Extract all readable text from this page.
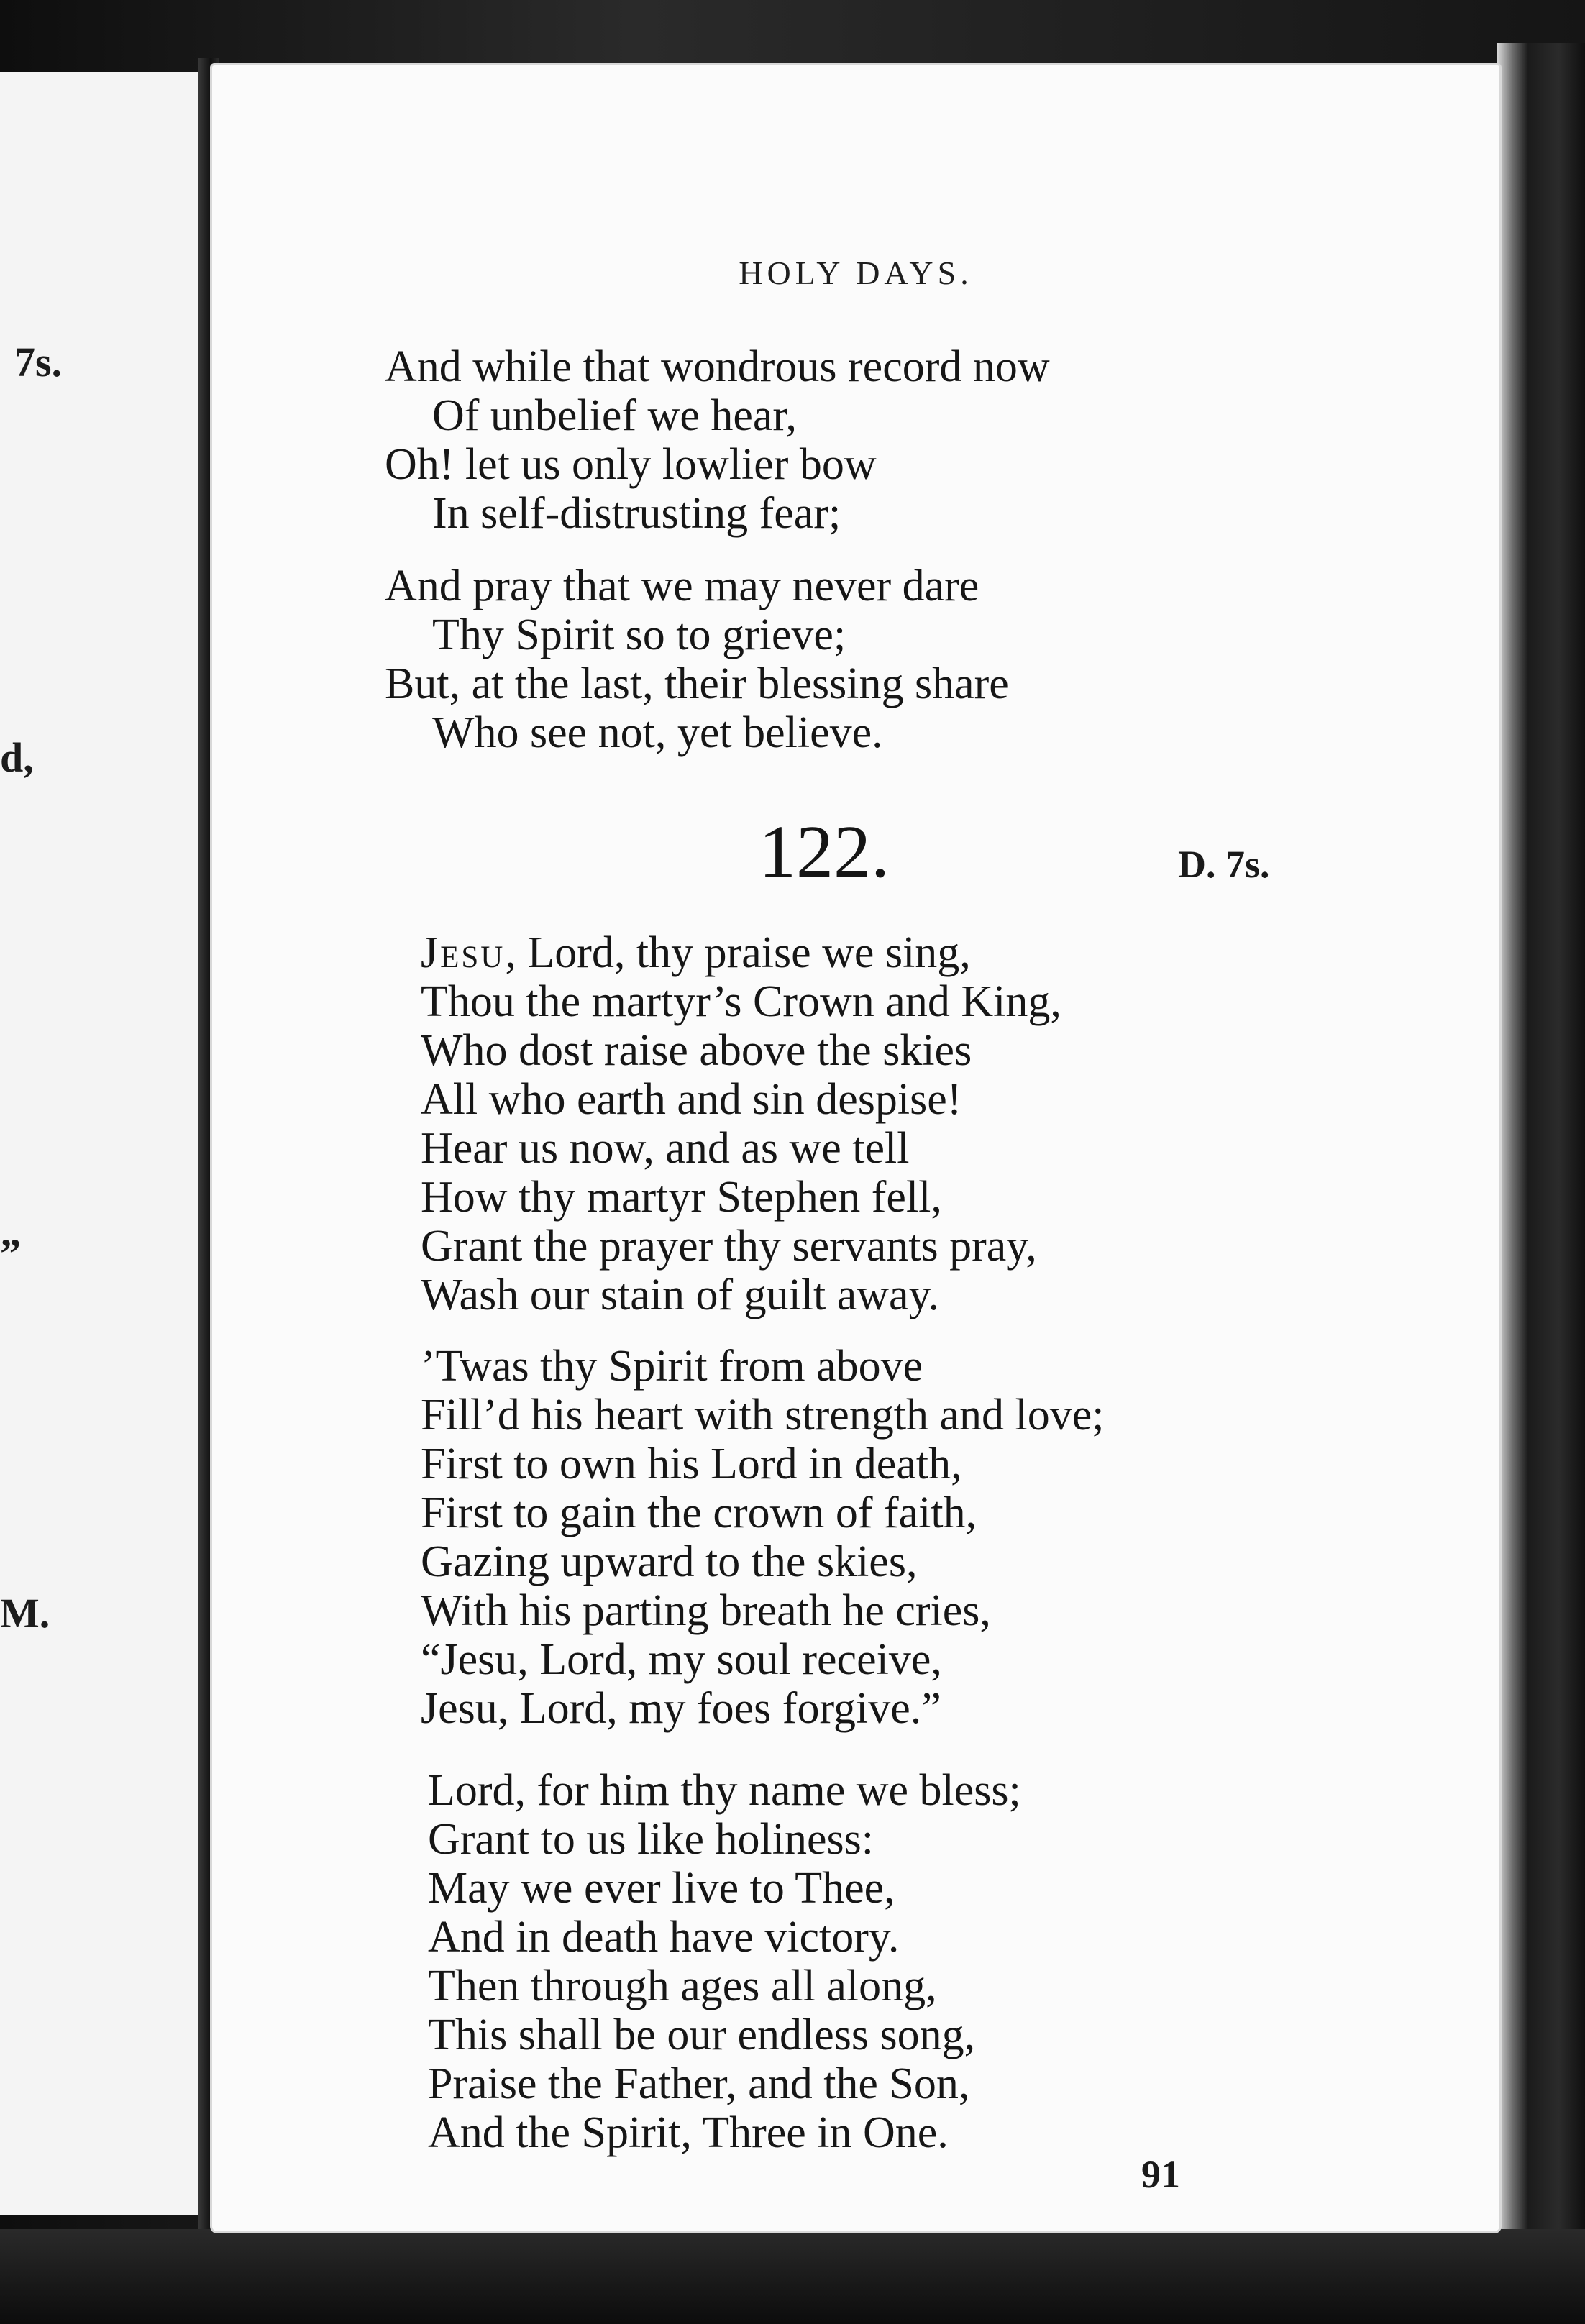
7s.
d,
”
M.
HOLY DAYS.
And while that wondrous record now
Of unbelief we hear,
Oh! let us only lowlier bow
In self-distrusting fear;
And pray that we may never dare
Thy Spirit so to grieve;
But, at the last, their blessing share
Who see not, yet believe.
122.	D. 7s.
Jesu, Lord, thy praise we sing,
Thou the martyr’s Crown and King,
Who dost raise above the skies
All who earth and sin despise!
Hear us now, and as we tell
How thy martyr Stephen fell,
Grant the prayer thy servants pray,
Wash our stain of guilt away.
’Twas thy Spirit from above
Fill’d his heart with strength and love;
First to own his Lord in death,
First to gain the crown of faith,
Gazing upward to the skies,
With his parting breath he cries,
“Jesu, Lord, my soul receive,
Jesu, Lord, my foes forgive.”
Lord, for him thy name we bless;
Grant to us like holiness:
May we ever live to Thee,
And in death have victory.
Then through ages all along,
This shall be our endless song,
Praise the Father, and the Son,
And the Spirit, Three in One.
91
